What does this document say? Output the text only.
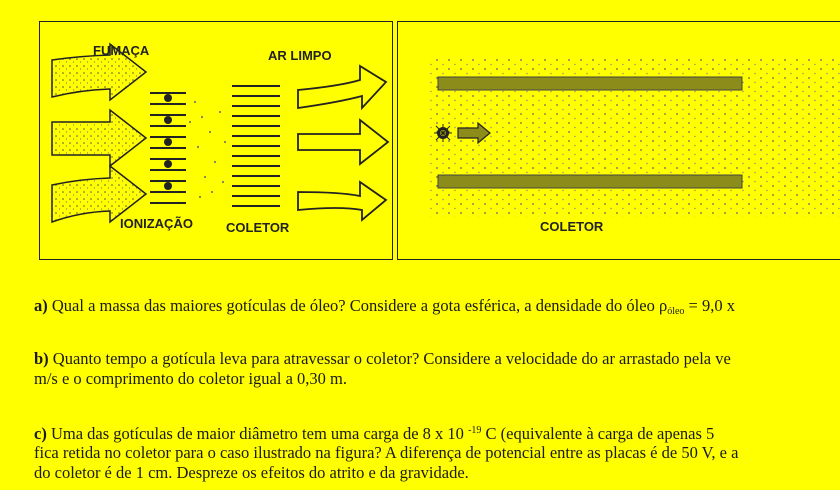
FUMAÇA	AR LIMPO
IONIZAÇÃO	COLETOR	COLETOR
a) Qual a massa das maiores gotículas de óleo? Considere a gota esférica, a densidade do óleo $\rho_{óleo} = 9,0$ x
b) Quanto tempo a gotícula leva para atravessar o coletor? Considere a velocidade do ar arrastado pela ve
m/s e o comprimento do coletor igual a 0,30 m.
c) Uma das gotículas de maior diâmetro tem uma carga de 8 x 10 $^{-19}$ C (equivalente à carga de apenas 5
fica retida no coletor para o caso ilustrado na figura? A diferença de potencial entre as placas é de 50 V, e a
do coletor é de 1 cm. Despreze os efeitos do atrito e da gravidade.
